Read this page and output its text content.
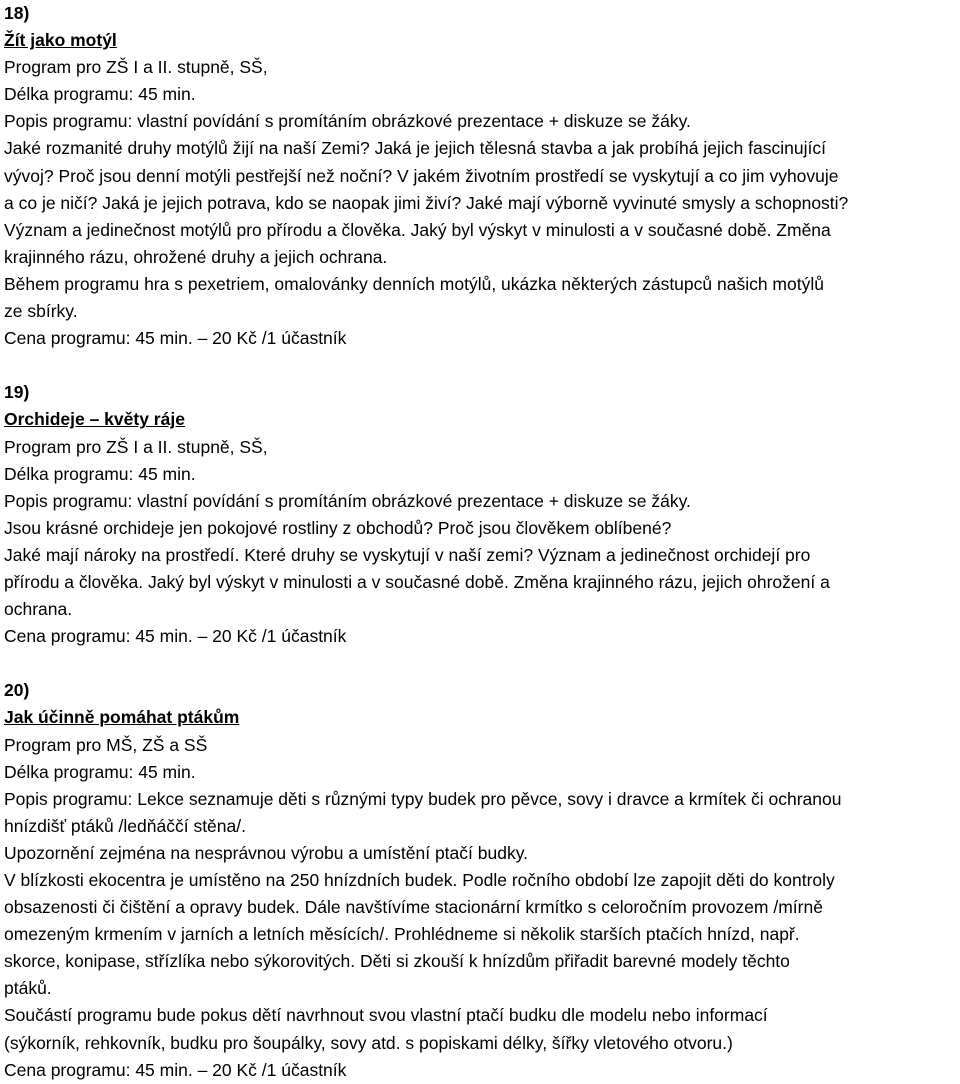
18)
Žít jako motýl
Program pro ZŠ I a II. stupně, SŠ,
Délka programu: 45 min.
Popis programu: vlastní povídání s promítáním obrázkové prezentace + diskuze se žáky.
Jaké rozmanité druhy motýlů žijí na naší Zemi? Jaká je jejich tělesná stavba a jak probíhá jejich fascinující
vývoj? Proč jsou denní motýli pestřejší než noční? V jakém životním prostředí se vyskytují a co jim vyhovuje
a co je ničí? Jaká je jejich potrava, kdo se naopak jimi živí? Jaké mají výborně vyvinuté smysly a schopnosti?
Význam a jedinečnost motýlů pro přírodu a člověka. Jaký byl výskyt v minulosti a v současné době. Změna
krajinného rázu, ohrožené druhy a jejich ochrana.
Během programu hra s pexetriem, omalovánky denních motýlů, ukázka některých zástupců našich motýlů
ze sbírky.
Cena programu: 45 min. – 20 Kč /1 účastník
19)
Orchideje – květy ráje
Program pro ZŠ I a II. stupně, SŠ,
Délka programu: 45 min.
Popis programu: vlastní povídání s promítáním obrázkové prezentace + diskuze se žáky.
Jsou krásné orchideje jen pokojové rostliny z obchodů? Proč jsou člověkem oblíbené?
Jaké mají nároky na prostředí. Které druhy se vyskytují v naší zemi? Význam a jedinečnost orchidejí pro
přírodu a člověka. Jaký byl výskyt v minulosti a v současné době. Změna krajinného rázu, jejich ohrožení a
ochrana.
Cena programu: 45 min. – 20 Kč /1 účastník
20)
Jak účinně pomáhat ptákům
Program pro MŠ, ZŠ a SŠ
Délka programu: 45 min.
Popis programu: Lekce seznamuje děti s různými typy budek pro pěvce, sovy i dravce a krmítek či ochranou
hnízdišť ptáků /ledňáččí stěna/.
Upozornění zejména na nesprávnou výrobu a umístění ptačí budky.
V blízkosti ekocentra je umístěno na 250 hnízdních budek. Podle ročního období lze zapojit děti do kontroly
obsazenosti či čištění a opravy budek. Dále navštívíme stacionární krmítko s celoročním provozem /mírně
omezeným krmením v jarních a letních měsících/. Prohlédneme si několik starších ptačích hnízd, např.
skorce, konipase, střízlíka nebo sýkorovitých. Děti si zkouší k hnízdům přiřadit barevné modely těchto
ptáků.
Součástí programu bude pokus dětí navrhnout svou vlastní ptačí budku dle modelu nebo informací
(sýkorník, rehkovník, budku pro šoupálky, sovy atd. s popiskami délky, šířky vletového otvoru.)
Cena programu: 45 min. – 20 Kč /1 účastník
